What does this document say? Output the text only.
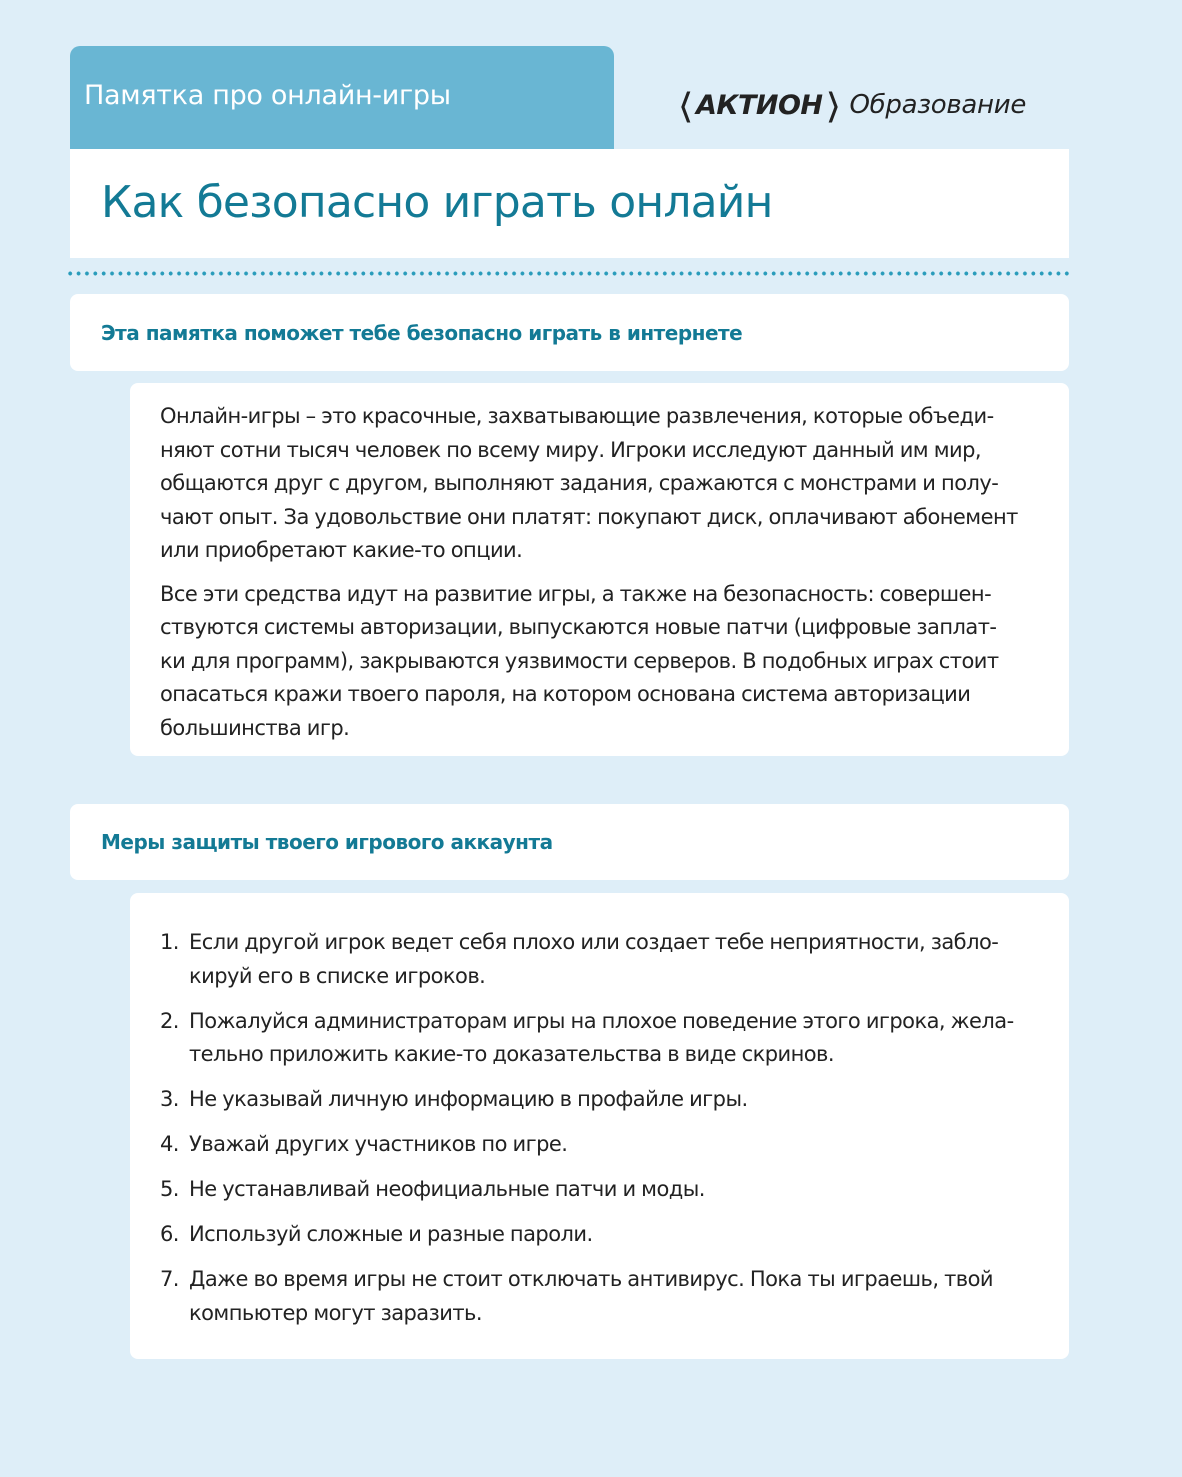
Памятка про онлайн-игры	❬ АКТИОН ❭ Образование
Как безопасно играть онлайн
Эта памятка поможет тебе безопасно играть в интернете

Онлайн-игры – это красочные, захватывающие развлечения, которые объеди-
няют сотни тысяч человек по всему миру. Игроки исследуют данный им мир,
общаются друг с другом, выполняют задания, сражаются с монстрами и полу-
чают опыт. За удовольствие они платят: покупают диск, оплачивают абонемент
или приобретают какие-то опции.

Все эти средства идут на развитие игры, а также на безопасность: совершен-
ствуются системы авторизации, выпускаются новые патчи (цифровые заплат-
ки для программ), закрываются уязвимости серверов. В подобных играх стоит
опасаться кражи твоего пароля, на котором основана система авторизации
большинства игр.

Меры защиты твоего игрового аккаунта
1. Если другой игрок ведет себя плохо или создает тебе неприятности, забло-
кируй его в списке игроков.
2. Пожалуйся администраторам игры на плохое поведение этого игрока, жела-
тельно приложить какие-то доказательства в виде скринов.
3. Не указывай личную информацию в профайле игры.
4. Уважай других участников по игре.
5. Не устанавливай неофициальные патчи и моды.
6. Используй сложные и разные пароли.
7. Даже во время игры не стоит отключать антивирус. Пока ты играешь, твой
компьютер могут заразить.
